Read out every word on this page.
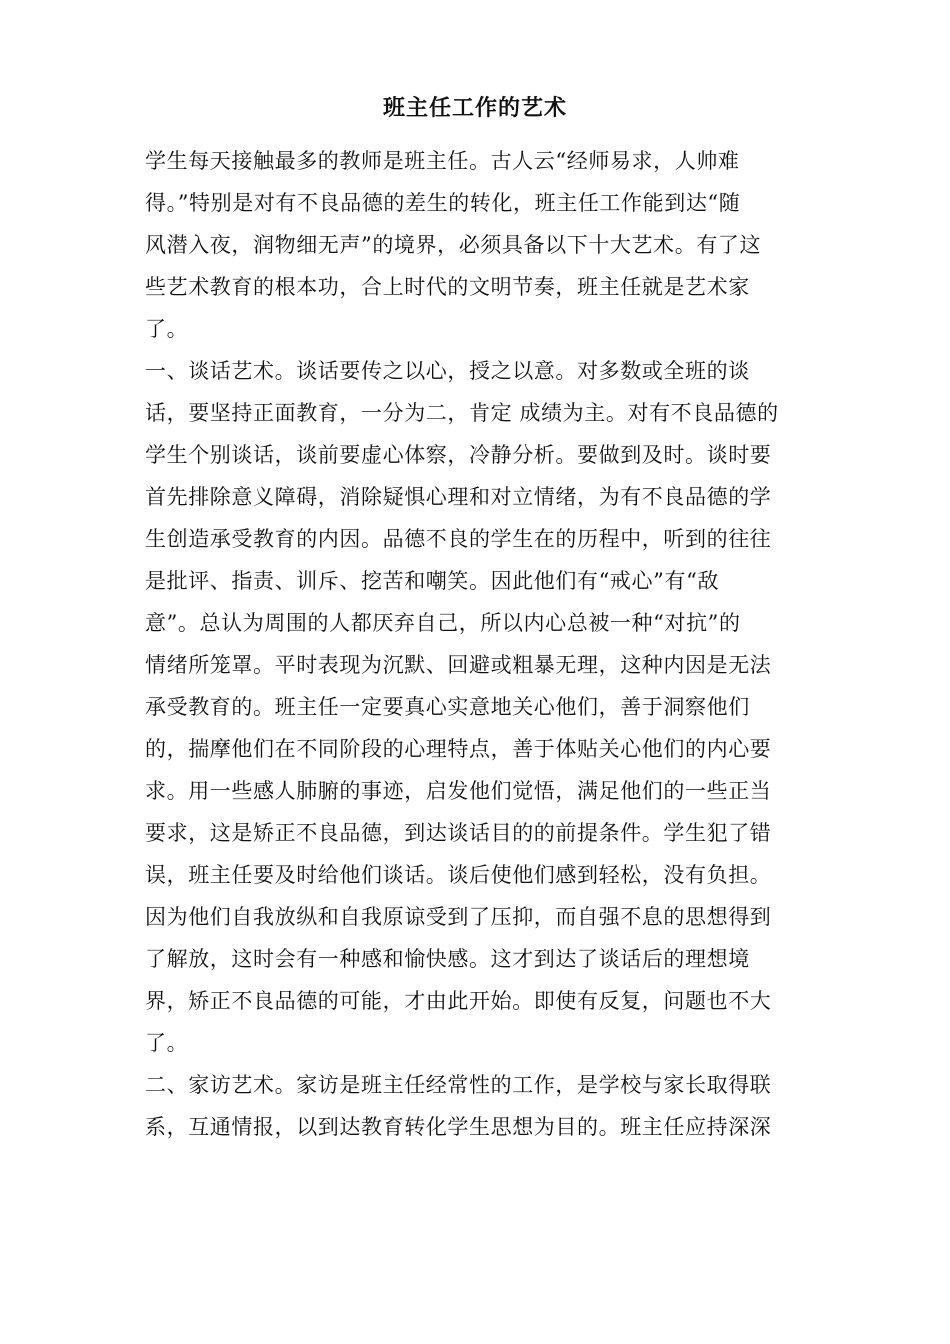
班主任工作的艺术
学生每天接触最多的教师是班主任。古人云“经师易求，人帅难
得。”特别是对有不良品德的差生的转化，班主任工作能到达“随
风潜入夜，润物细无声”的境界，必须具备以下十大艺术。有了这
些艺术教育的根本功，合上时代的文明节奏，班主任就是艺术家
了。
一、谈话艺术。谈话要传之以心，授之以意。对多数或全班的谈
话，要坚持正面教育，一分为二，肯定 成绩为主。对有不良品德的
学生个别谈话，谈前要虚心体察，冷静分析。要做到及时。谈时要
首先排除意义障碍，消除疑惧心理和对立情绪，为有不良品德的学
生创造承受教育的内因。品德不良的学生在的历程中，听到的往往
是批评、指责、训斥、挖苦和嘲笑。因此他们有“戒心”有“敌
意”。总认为周围的人都厌弃自己，所以内心总被一种“对抗”的
情绪所笼罩。平时表现为沉默、回避或粗暴无理，这种内因是无法
承受教育的。班主任一定要真心实意地关心他们，善于洞察他们
的，揣摩他们在不同阶段的心理特点，善于体贴关心他们的内心要
求。用一些感人肺腑的事迹，启发他们觉悟，满足他们的一些正当
要求，这是矫正不良品德，到达谈话目的的前提条件。学生犯了错
误，班主任要及时给他们谈话。谈后使他们感到轻松，没有负担。
因为他们自我放纵和自我原谅受到了压抑，而自强不息的思想得到
了解放，这时会有一种感和愉快感。这才到达了谈话后的理想境
界，矫正不良品德的可能，才由此开始。即使有反复，问题也不大
了。
二、家访艺术。家访是班主任经常性的工作，是学校与家长取得联
系，互通情报，以到达教育转化学生思想为目的。班主任应持深深
